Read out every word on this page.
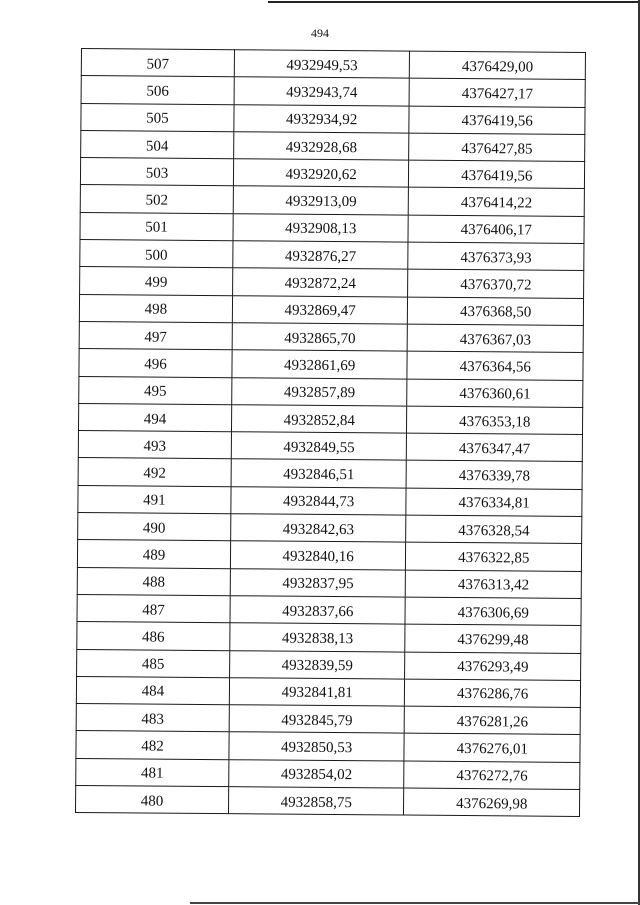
494
507	4932949,53	4376429,00
506	4932943,74	4376427,17
505	4932934,92	4376419,56
504	4932928,68	4376427,85
503	4932920,62	4376419,56
502	4932913,09	4376414,22
501	4932908,13	4376406,17
500	4932876,27	4376373,93
499	4932872,24	4376370,72
498	4932869,47	4376368,50
497	4932865,70	4376367,03
496	4932861,69	4376364,56
495	4932857,89	4376360,61
494	4932852,84	4376353,18
493	4932849,55	4376347,47
492	4932846,51	4376339,78
491	4932844,73	4376334,81
490	4932842,63	4376328,54
489	4932840,16	4376322,85
488	4932837,95	4376313,42
487	4932837,66	4376306,69
486	4932838,13	4376299,48
485	4932839,59	4376293,49
484	4932841,81	4376286,76
483	4932845,79	4376281,26
482	4932850,53	4376276,01
481	4932854,02	4376272,76
480	4932858,75	4376269,98
